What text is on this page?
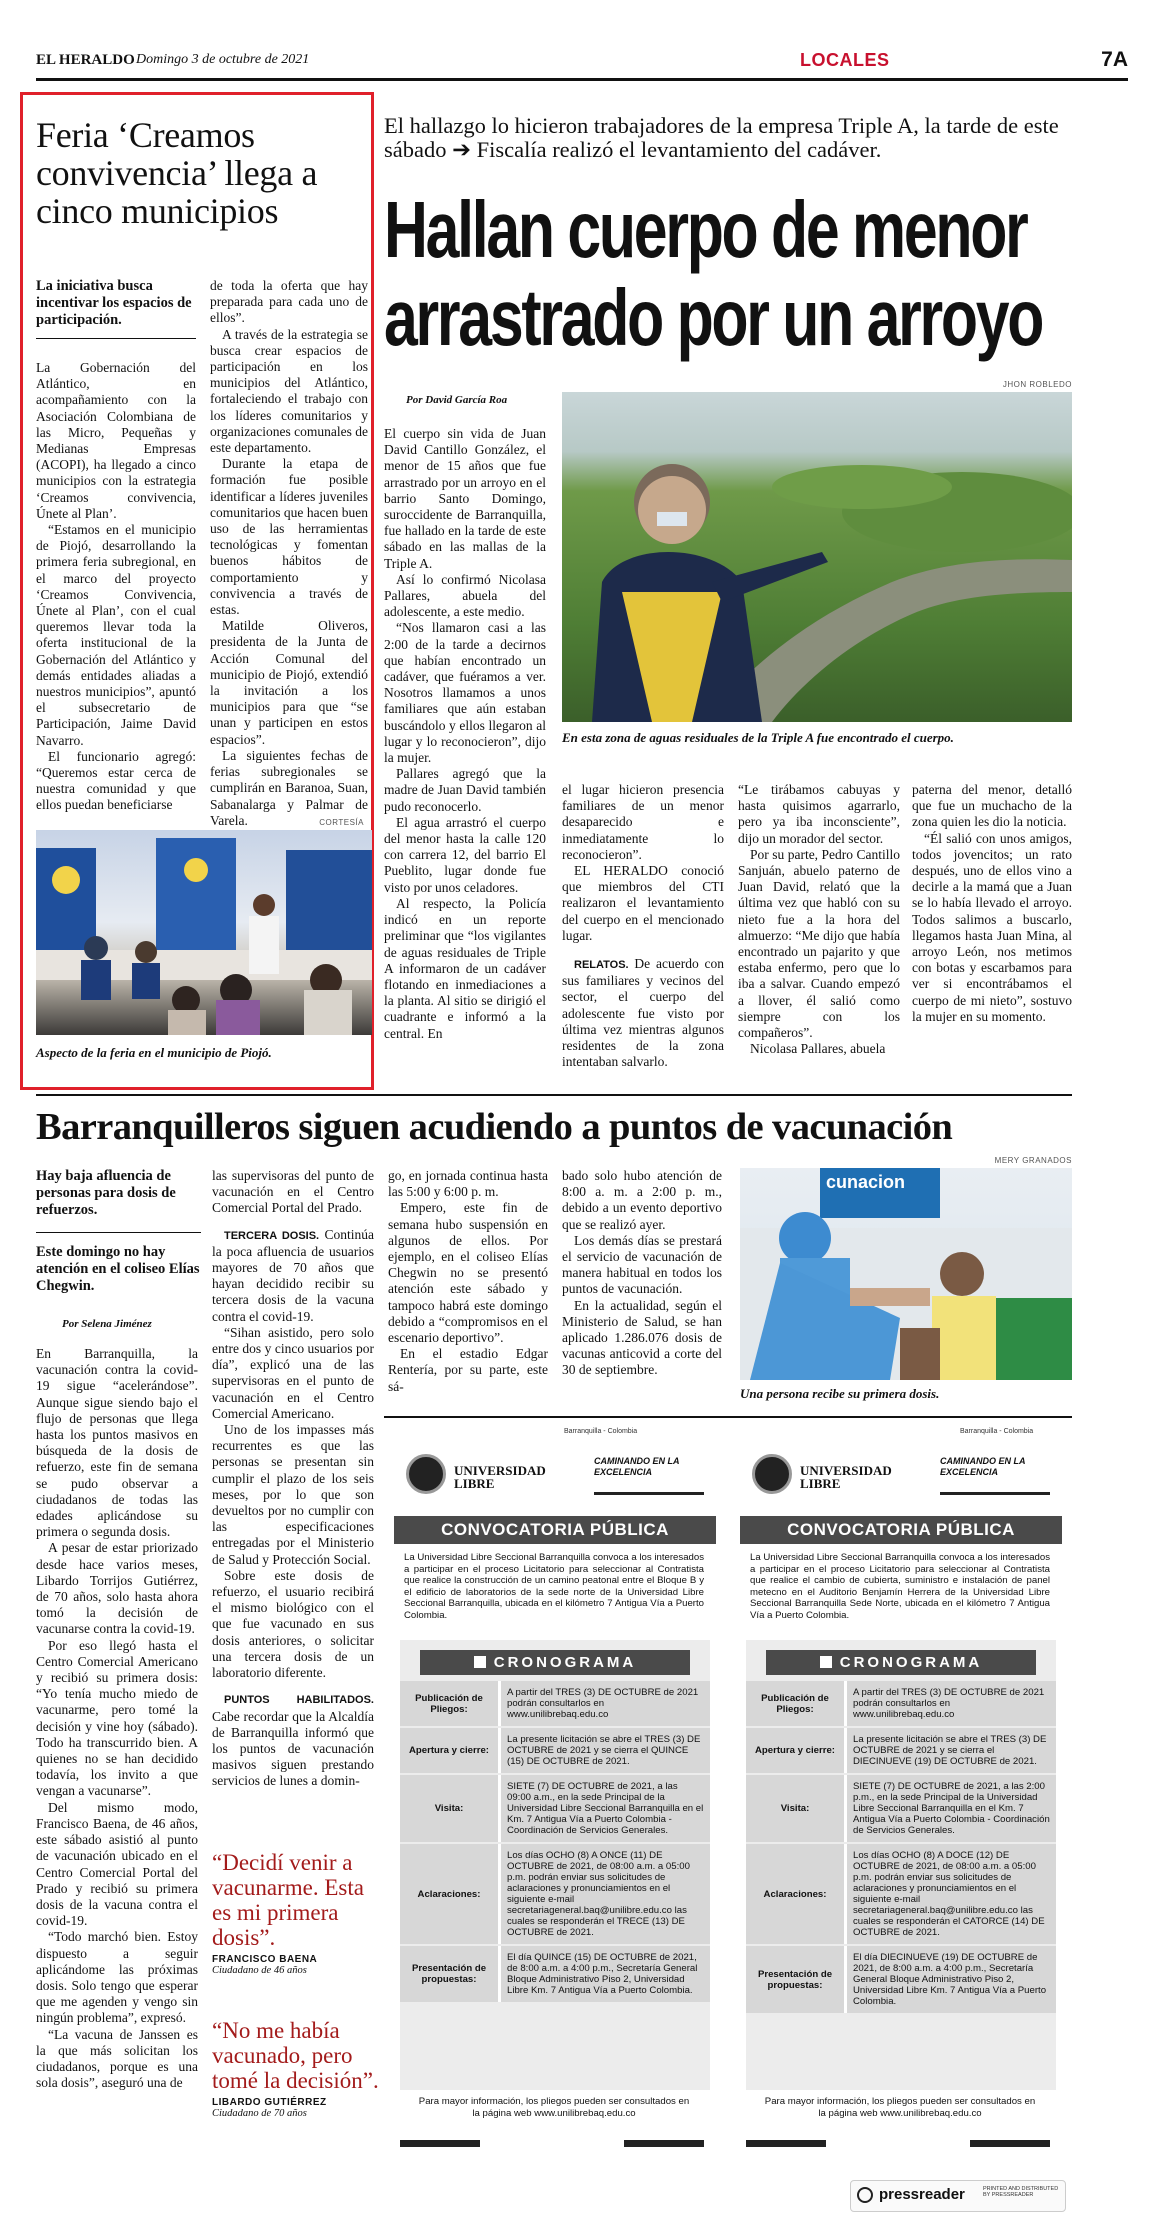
EL HERALDO Domingo 3 de octubre de 2021	LOCALES	7A
Feria ‘Creamos convivencia’ llega a cinco municipios
La iniciativa busca incentivar los espacios de participación.

La Gobernación del Atlántico, en acompañamiento con la Asociación Colombiana de las Micro, Pequeñas y Medianas Empresas (ACOPI), ha llegado a cinco municipios con la estrategia ‘Creamos convivencia, Únete al Plan’.

“Estamos en el municipio de Piojó, desarrollando la primera feria subregional, en el marco del proyecto ‘Creamos Convivencia, Únete al Plan’, con el cual queremos llevar toda la oferta institucional de la Gobernación del Atlántico y demás entidades aliadas a nuestros municipios”, apuntó el subsecretario de Participación, Jaime David Navarro.

El funcionario agregó: “Queremos estar cerca de nuestra comunidad y que ellos puedan beneficiarse

de toda la oferta que hay preparada para cada uno de ellos”.

A través de la estrategia se busca crear espacios de participación en los municipios del Atlántico, fortaleciendo el trabajo con los líderes comunitarios y organizaciones comunales de este departamento.

Durante la etapa de formación fue posible identificar a líderes juveniles comunitarios que hacen buen uso de las herramientas tecnológicas y fomentan buenos hábitos de comportamiento y convivencia a través de estas.

Matilde Oliveros, presidenta de la Junta de Acción Comunal del municipio de Piojó, extendió la invitación a los municipios para que “se unan y participen en estos espacios”.

La siguientes fechas de ferias subregionales se cumplirán en Baranoa, Suan, Sabanalarga y Palmar de Varela.	CORTESÍA
Aspecto de la feria en el municipio de Piojó.
El hallazgo lo hicieron trabajadores de la empresa Triple A, la tarde de este sábado ➔ Fiscalía realizó el levantamiento del cadáver.
Hallan cuerpo de menor
arrastrado por un arroyo
Por David García Roa
JHON ROBLEDO
En esta zona de aguas residuales de la Triple A fue encontrado el cuerpo.

El cuerpo sin vida de Juan David Cantillo González, el menor de 15 años que fue arrastrado por un arroyo en el barrio Santo Domingo, suroccidente de Barranquilla, fue hallado en la tarde de este sábado en las mallas de la Triple A.

Así lo confirmó Nicolasa Pallares, abuela del adolescente, a este medio.

“Nos llamaron casi a las 2:00 de la tarde a decirnos que habían encontrado un cadáver, que fuéramos a ver. Nosotros llamamos a unos familiares que aún estaban buscándolo y ellos llegaron al lugar y lo reconocieron”, dijo la mujer.

Pallares agregó que la madre de Juan David también pudo reconocerlo.

El agua arrastró el cuerpo del menor hasta la calle 120 con carrera 12, del barrio El Pueblito, lugar donde fue visto por unos celadores.

Al respecto, la Policía indicó en un reporte preliminar que “los vigilantes de aguas residuales de Triple A informaron de un cadáver flotando en inmediaciones a la planta. Al sitio se dirigió el cuadrante e informó a la central. En

el lugar hicieron presencia familiares de un menor desaparecido e inmediatamente lo reconocieron”.

EL HERALDO conoció que miembros del CTI realizaron el levantamiento del cuerpo en el mencionado lugar.

RELATOS. De acuerdo con sus familiares y vecinos del sector, el cuerpo del adolescente fue visto por última vez mientras algunos residentes de la zona intentaban salvarlo.

“Le tirábamos cabuyas y hasta quisimos agarrarlo, pero ya iba inconsciente”, dijo un morador del sector.

Por su parte, Pedro Cantillo Sanjuán, abuelo paterno de Juan David, relató que la última vez que habló con su nieto fue a la hora del almuerzo: “Me dijo que había encontrado un pajarito y que estaba enfermo, pero que lo iba a salvar. Cuando empezó a llover, él salió como siempre con los compañeros”.

Nicolasa Pallares, abuela

paterna del menor, detalló que fue un muchacho de la zona quien les dio la noticia.

“Él salió con unos amigos, todos jovencitos; un rato después, uno de ellos vino a decirle a la mamá que a Juan se lo había llevado el arroyo. Todos salimos a buscarlo, llegamos hasta Juan Mina, al arroyo León, nos metimos con botas y escarbamos para ver si encontrábamos el cuerpo de mi nieto”, sostuvo la mujer en su momento.

Barranquilleros siguen acudiendo a puntos de vacunación
MERY GRANADOS
Hay baja afluencia de personas para dosis de refuerzos.
Este domingo no hay atención en el coliseo Elías Chegwin.
Por Selena Jiménez

En Barranquilla, la vacunación contra la covid-19 sigue “acelerándose”. Aunque sigue siendo bajo el flujo de personas que llega hasta los puntos masivos en búsqueda de la dosis de refuerzo, este fin de semana se pudo observar a ciudadanos de todas las edades aplicándose su primera o segunda dosis.

A pesar de estar priorizado desde hace varios meses, Libardo Torrijos Gutiérrez, de 70 años, solo hasta ahora tomó la decisión de vacunarse contra la covid-19.

Por eso llegó hasta el Centro Comercial Americano y recibió su primera dosis: “Yo tenía mucho miedo de vacunarme, pero tomé la decisión y vine hoy (sábado). Todo ha transcurrido bien. A quienes no se han decidido todavía, los invito a que vengan a vacunarse”.

Del mismo modo, Francisco Baena, de 46 años, este sábado asistió al punto de vacunación ubicado en el Centro Comercial Portal del Prado y recibió su primera dosis de la vacuna contra el covid-19.

“Todo marchó bien. Estoy dispuesto a seguir aplicándome las próximas dosis. Solo tengo que esperar que me agenden y vengo sin ningún problema”, expresó.

“La vacuna de Janssen es la que más solicitan los ciudadanos, porque es una sola dosis”, aseguró una de

las supervisoras del punto de vacunación en el Centro Comercial Portal del Prado.

TERCERA DOSIS. Continúa la poca afluencia de usuarios mayores de 70 años que hayan decidido recibir su tercera dosis de la vacuna contra el covid-19.

“Sihan asistido, pero solo entre dos y cinco usuarios por día”, explicó una de las supervisoras en el punto de vacunación en el Centro Comercial Americano.

Uno de los impasses más recurrentes es que las personas se presentan sin cumplir el plazo de los seis meses, por lo que son devueltos por no cumplir con las especificaciones entregadas por el Ministerio de Salud y Protección Social.

Sobre este dosis de refuerzo, el usuario recibirá el mismo biológico con el que fue vacunado en sus dosis anteriores, o solicitar una tercera dosis de un laboratorio diferente.

PUNTOS HABILITADOS. Cabe recordar que la Alcaldía de Barranquilla informó que los puntos de vacunación masivos siguen prestando servicios de lunes a domin-

“Decidí venir a vacunarme. Esta es mi primera dosis”.
FRANCISCO BAENA
Ciudadano de 46 años
“No me había vacunado, pero tomé la decisión”.
LIBARDO GUTIÉRREZ
Ciudadano de 70 años

go, en jornada continua hasta las 5:00 y 6:00 p. m.

Empero, este fin de semana hubo suspensión en algunos de ellos. Por ejemplo, en el coliseo Elías Chegwin no se presentó atención este sábado y tampoco habrá este domingo debido a “compromisos en el escenario deportivo”.

En el estadio Edgar Rentería, por su parte, este sá-

bado solo hubo atención de 8:00 a. m. a 2:00 p. m., debido a un evento deportivo que se realizó ayer.

Los demás días se prestará el servicio de vacunación de manera habitual en todos los puntos de vacunación.

En la actualidad, según el Ministerio de Salud, se han aplicado 1.286.076 dosis de vacunas anticovid a corte del 30 de septiembre.

cunacion
Una persona recibe su primera dosis.
Barranquilla - Colombia
UNIVERSIDAD LIBRE
CAMINANDO EN LA EXCELENCIA
CONVOCATORIA PÚBLICA
La Universidad Libre Seccional Barranquilla convoca a los interesados a participar en el proceso Licitatorio para seleccionar al Contratista que realice la construcción de un camino peatonal entre el Bloque B y el edificio de laboratorios de la sede norte de la Universidad Libre Seccional Barranquilla, ubicada en el kilómetro 7 Antigua Vía a Puerto Colombia.
CRONOGRAMA
Publicación de Pliegos:	A partir del TRES (3) DE OCTUBRE de 2021 podrán consultarlos en www.unilibrebaq.edu.co
Apertura y cierre:	La presente licitación se abre el TRES (3) DE OCTUBRE de 2021 y se cierra el QUINCE (15) DE OCTUBRE de 2021.
Visita:	SIETE (7) DE OCTUBRE de 2021, a las 09:00 a.m., en la sede Principal de la Universidad Libre Seccional Barranquilla en el Km. 7 Antigua Vía a Puerto Colombia - Coordinación de Servicios Generales.
Aclaraciones:	Los días OCHO (8) A ONCE (11) DE OCTUBRE de 2021, de 08:00 a.m. a 05:00 p.m. podrán enviar sus solicitudes de aclaraciones y pronunciamientos en el siguiente e-mail secretariageneral.baq@unilibre.edu.co las cuales se responderán el TRECE (13) DE OCTUBRE de 2021.
Presentación de propuestas:	El día QUINCE (15) DE OCTUBRE de 2021, de 8:00 a.m. a 4:00 p.m., Secretaría General Bloque Administrativo Piso 2, Universidad Libre Km. 7 Antigua Vía a Puerto Colombia.
Para mayor información, los pliegos pueden ser consultados en la página web www.unilibrebaq.edu.co
Barranquilla - Colombia
UNIVERSIDAD LIBRE
CAMINANDO EN LA EXCELENCIA
CONVOCATORIA PÚBLICA
La Universidad Libre Seccional Barranquilla convoca a los interesados a participar en el proceso Licitatorio para seleccionar al Contratista que realice el cambio de cubierta, suministro e instalación de panel metecno en el Auditorio Benjamín Herrera de la Universidad Libre Seccional Barranquilla Sede Norte, ubicada en el kilómetro 7 Antigua Vía a Puerto Colombia.
CRONOGRAMA
Publicación de Pliegos:	A partir del TRES (3) DE OCTUBRE de 2021 podrán consultarlos en www.unilibrebaq.edu.co
Apertura y cierre:	La presente licitación se abre el TRES (3) DE OCTUBRE de 2021 y se cierra el DIECINUEVE (19) DE OCTUBRE de 2021.
Visita:	SIETE (7) DE OCTUBRE de 2021, a las 2:00 p.m., en la sede Principal de la Universidad Libre Seccional Barranquilla en el Km. 7 Antigua Vía a Puerto Colombia - Coordinación de Servicios Generales.
Aclaraciones:	Los días OCHO (8) A DOCE (12) DE OCTUBRE de 2021, de 08:00 a.m. a 05:00 p.m. podrán enviar sus solicitudes de aclaraciones y pronunciamientos en el siguiente e-mail secretariageneral.baq@unilibre.edu.co las cuales se responderán el CATORCE (14) DE OCTUBRE de 2021.
Presentación de propuestas:	El día DIECINUEVE (19) DE OCTUBRE de 2021, de 8:00 a.m. a 4:00 p.m., Secretaría General Bloque Administrativo Piso 2, Universidad Libre Km. 7 Antigua Vía a Puerto Colombia.
Para mayor información, los pliegos pueden ser consultados en la página web www.unilibrebaq.edu.co
pressreader	PRINTED AND DISTRIBUTED BY PRESSREADER
